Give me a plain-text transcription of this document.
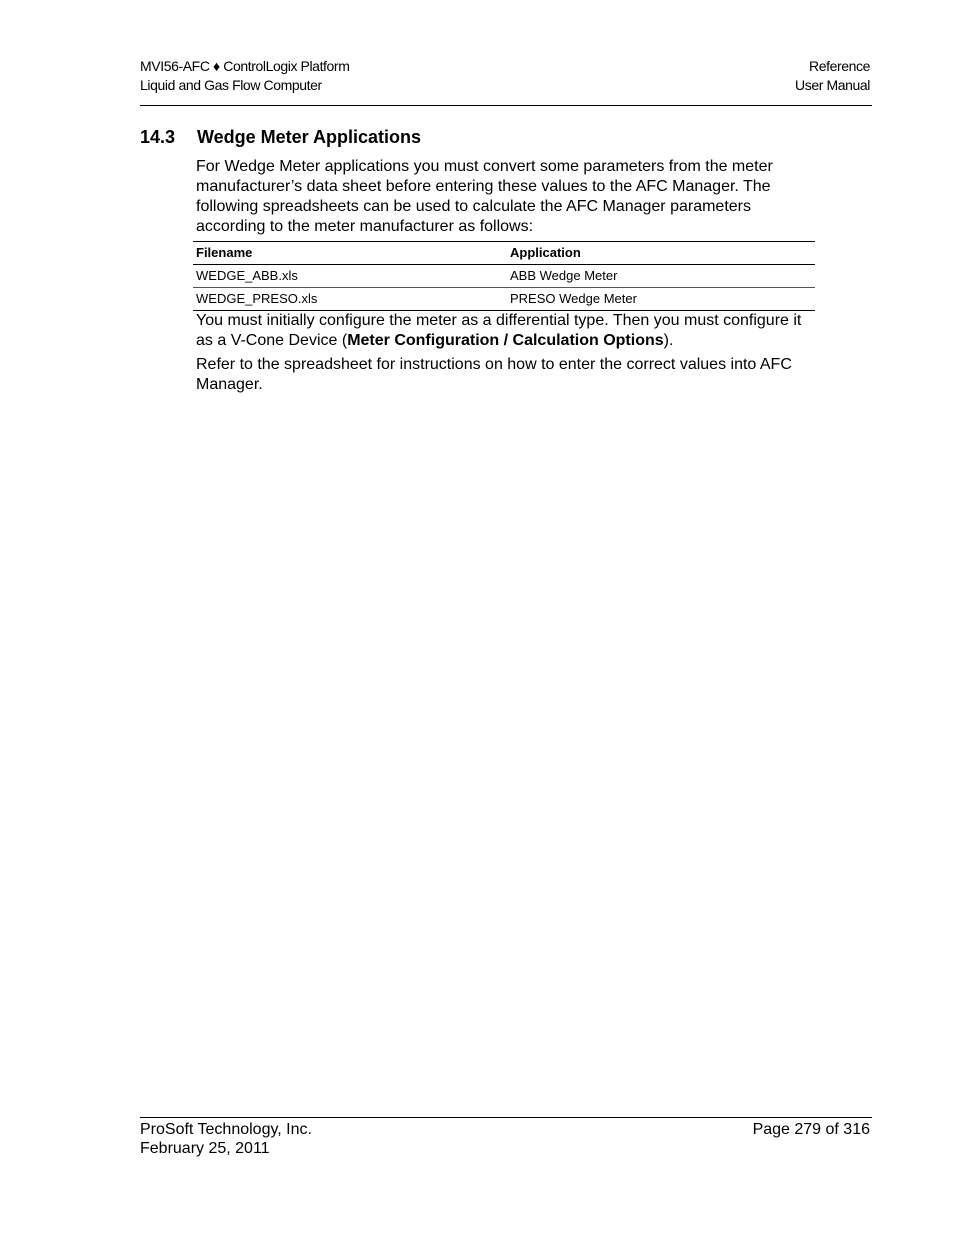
MVI56-AFC ♦ ControlLogix Platform
Liquid and Gas Flow Computer
Reference
User Manual
14.3 Wedge Meter Applications

For Wedge Meter applications you must convert some parameters from the meter manufacturer’s data sheet before entering these values to the AFC Manager. The following spreadsheets can be used to calculate the AFC Manager parameters according to the meter manufacturer as follows:

Filename	Application
WEDGE_ABB.xls	ABB Wedge Meter
WEDGE_PRESO.xls	PRESO Wedge Meter

You must initially configure the meter as a differential type. Then you must configure it as a V-Cone Device (Meter Configuration / Calculation Options).

Refer to the spreadsheet for instructions on how to enter the correct values into AFC Manager.

ProSoft Technology, Inc.
February 25, 2011
Page 279 of 316
